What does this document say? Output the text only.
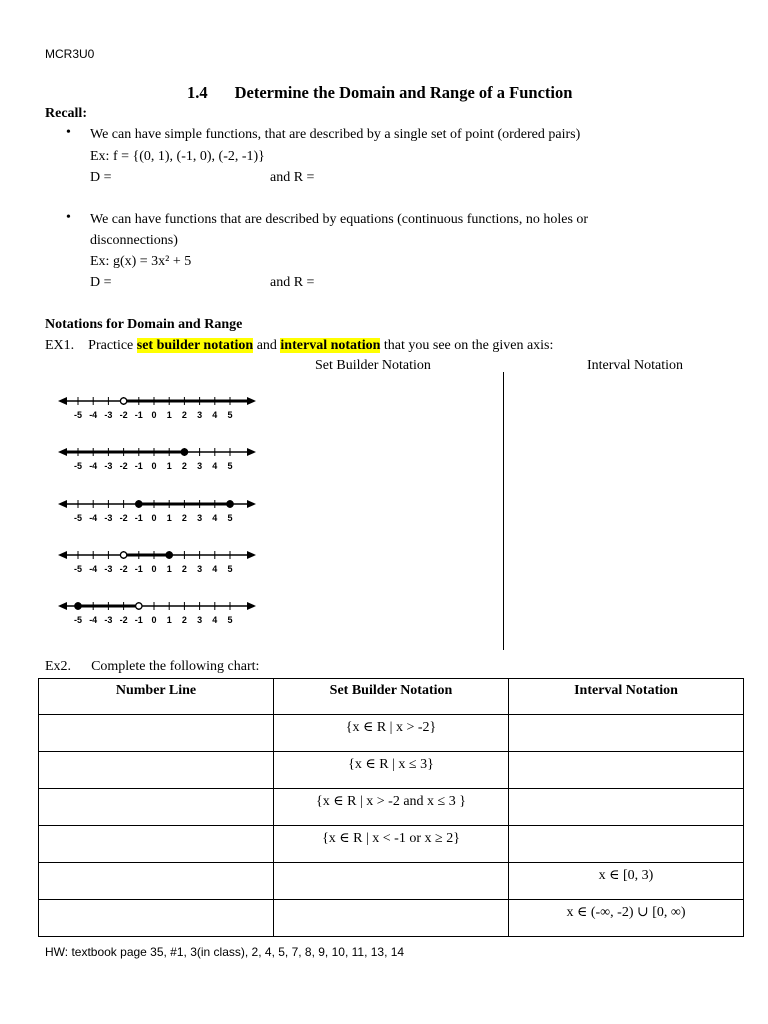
MCR3U0
1.4 Determine the Domain and Range of a Function
Recall:
• We can have simple functions, that are described by a single set of point (ordered pairs)
Ex: f = {(0, 1), (-1, 0), (-2, -1)}
D =	and R =
• We can have functions that are described by equations (continuous functions, no holes or
disconnections)
Ex: g(x) = 3x² + 5
D =	and R =
Notations for Domain and Range
EX1. Practice set builder notation and interval notation that you see on the given axis:
Set Builder Notation	Interval Notation
-5 -4 -3 -2 -1 0 1 2 3 4 5
-5 -4 -3 -2 -1 0 1 2 3 4 5
-5 -4 -3 -2 -1 0 1 2 3 4 5
-5 -4 -3 -2 -1 0 1 2 3 4 5
-5 -4 -3 -2 -1 0 1 2 3 4 5
Ex2. Complete the following chart:
Number Line	Set Builder Notation	Interval Notation
	{x ∈ R | x > -2}	
	{x ∈ R | x ≤ 3}	
	{x ∈ R | x > -2 and x ≤ 3 }	
	{x ∈ R | x < -1 or x ≥ 2}	
		x ∈ [0, 3)
		x ∈ (-∞, -2) ∪ [0, ∞)
HW: textbook page 35, #1, 3(in class), 2, 4, 5, 7, 8, 9, 10, 11, 13, 14
